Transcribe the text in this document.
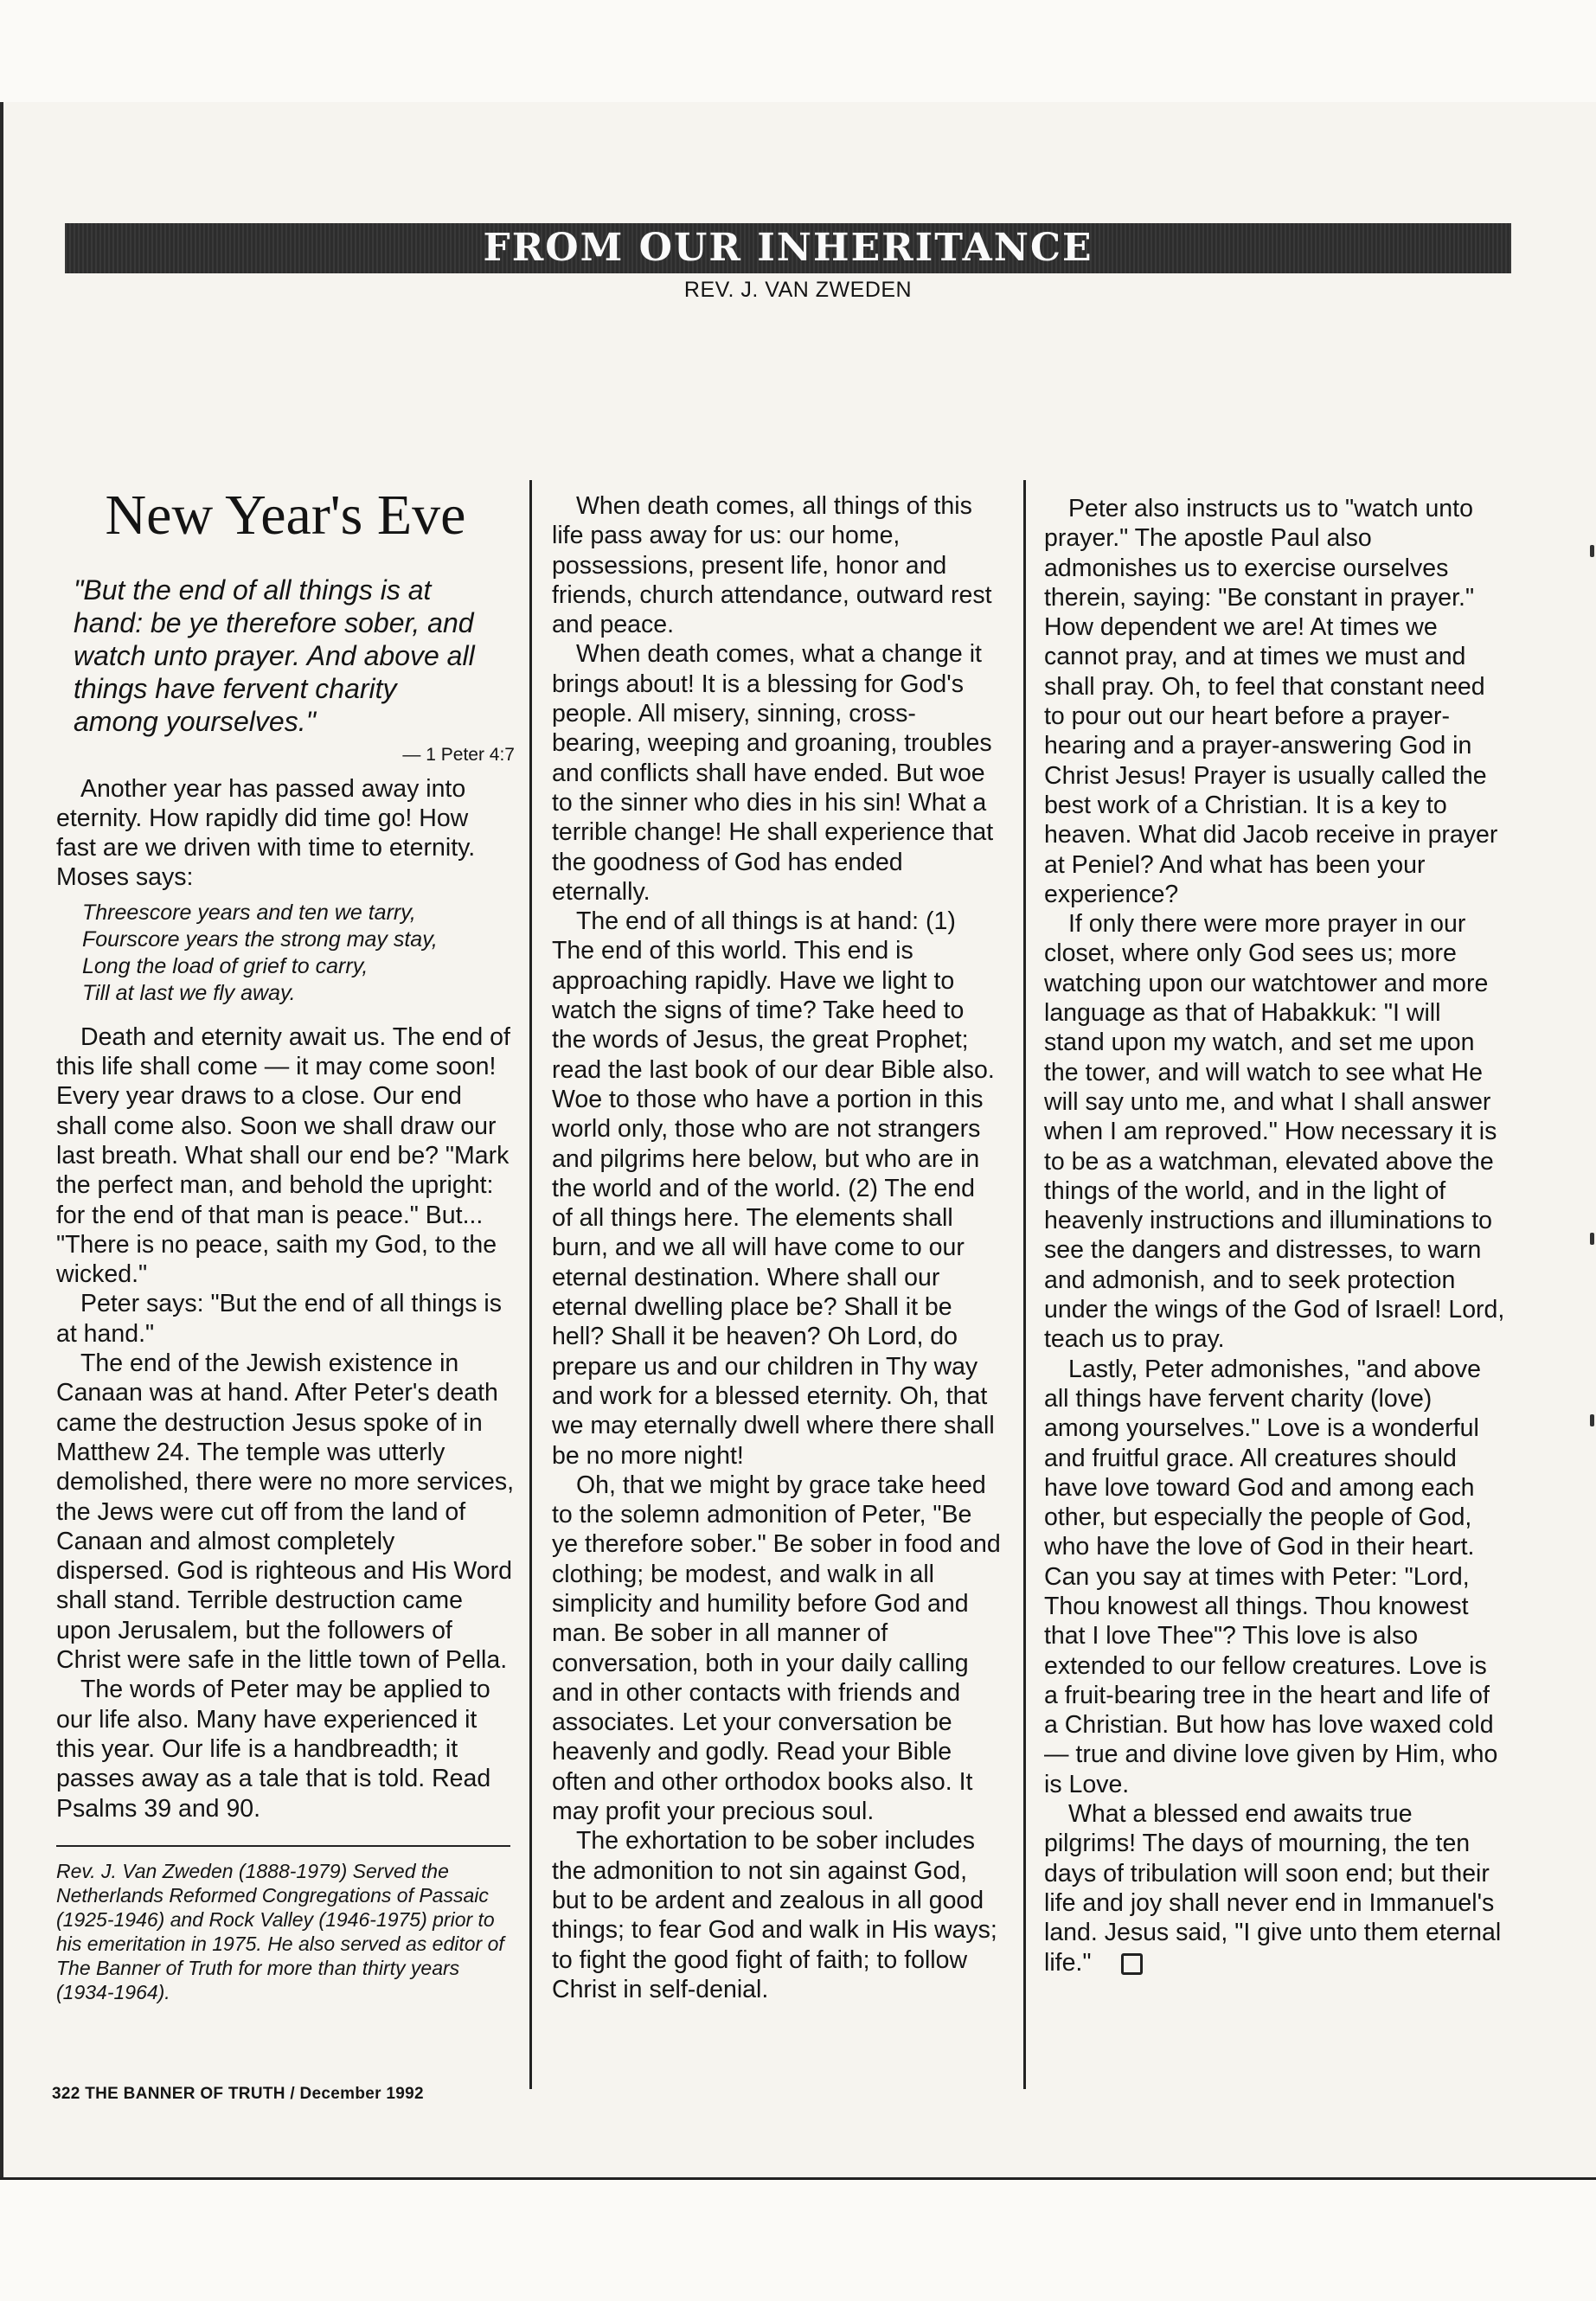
FROM OUR INHERITANCE
REV. J. VAN ZWEDEN
New Year's Eve

"But the end of all things is at hand: be ye therefore sober, and watch unto prayer. And above all things have fervent charity among yourselves."

— 1 Peter 4:7

Another year has passed away into eternity. How rapidly did time go! How fast are we driven with time to eternity. Moses says:

Threescore years and ten we tarry,
Fourscore years the strong may stay,
Long the load of grief to carry,
Till at last we fly away.

Death and eternity await us. The end of this life shall come — it may come soon! Every year draws to a close. Our end shall come also. Soon we shall draw our last breath. What shall our end be? "Mark the perfect man, and behold the upright: for the end of that man is peace." But... "There is no peace, saith my God, to the wicked."

Peter says: "But the end of all things is at hand."

The end of the Jewish existence in Canaan was at hand. After Peter's death came the destruction Jesus spoke of in Matthew 24. The temple was utterly demolished, there were no more services, the Jews were cut off from the land of Canaan and almost completely dispersed. God is righteous and His Word shall stand. Terrible destruction came upon Jerusalem, but the followers of Christ were safe in the little town of Pella.

The words of Peter may be applied to our life also. Many have experienced it this year. Our life is a handbreadth; it passes away as a tale that is told. Read Psalms 39 and 90.

Rev. J. Van Zweden (1888-1979) Served the Netherlands Reformed Congregations of Passaic (1925-1946) and Rock Valley (1946-1975) prior to his emeritation in 1975. He also served as editor of The Banner of Truth for more than thirty years (1934-1964).

When death comes, all things of this life pass away for us: our home, possessions, present life, honor and friends, church attendance, outward rest and peace.

When death comes, what a change it brings about! It is a blessing for God's people. All misery, sinning, cross-bearing, weeping and groaning, troubles and conflicts shall have ended. But woe to the sinner who dies in his sin! What a terrible change! He shall experience that the goodness of God has ended eternally.

The end of all things is at hand: (1) The end of this world. This end is approaching rapidly. Have we light to watch the signs of time? Take heed to the words of Jesus, the great Prophet; read the last book of our dear Bible also. Woe to those who have a portion in this world only, those who are not strangers and pilgrims here below, but who are in the world and of the world. (2) The end of all things here. The elements shall burn, and we all will have come to our eternal destination. Where shall our eternal dwelling place be? Shall it be hell? Shall it be heaven? Oh Lord, do prepare us and our children in Thy way and work for a blessed eternity. Oh, that we may eternally dwell where there shall be no more night!

Oh, that we might by grace take heed to the solemn admonition of Peter, "Be ye therefore sober." Be sober in food and clothing; be modest, and walk in all simplicity and humility before God and man. Be sober in all manner of conversation, both in your daily calling and in other contacts with friends and associates. Let your conversation be heavenly and godly. Read your Bible often and other orthodox books also. It may profit your precious soul.

The exhortation to be sober includes the admonition to not sin against God, but to be ardent and zealous in all good things; to fear God and walk in His ways; to fight the good fight of faith; to follow Christ in self-denial.

Peter also instructs us to "watch unto prayer." The apostle Paul also admonishes us to exercise ourselves therein, saying: "Be constant in prayer." How dependent we are! At times we cannot pray, and at times we must and shall pray. Oh, to feel that constant need to pour out our heart before a prayer-hearing and a prayer-answering God in Christ Jesus! Prayer is usually called the best work of a Christian. It is a key to heaven. What did Jacob receive in prayer at Peniel? And what has been your experience?

If only there were more prayer in our closet, where only God sees us; more watching upon our watchtower and more language as that of Habakkuk: "I will stand upon my watch, and set me upon the tower, and will watch to see what He will say unto me, and what I shall answer when I am reproved." How necessary it is to be as a watchman, elevated above the things of the world, and in the light of heavenly instructions and illuminations to see the dangers and distresses, to warn and admonish, and to seek protection under the wings of the God of Israel! Lord, teach us to pray.

Lastly, Peter admonishes, "and above all things have fervent charity (love) among yourselves." Love is a wonderful and fruitful grace. All creatures should have love toward God and among each other, but especially the people of God, who have the love of God in their heart. Can you say at times with Peter: "Lord, Thou knowest all things. Thou knowest that I love Thee"? This love is also extended to our fellow creatures. Love is a fruit-bearing tree in the heart and life of a Christian. But how has love waxed cold — true and divine love given by Him, who is Love.

What a blessed end awaits true pilgrims! The days of mourning, the ten days of tribulation will soon end; but their life and joy shall never end in Immanuel's land. Jesus said, "I give unto them eternal life."

322 THE BANNER OF TRUTH / December 1992
